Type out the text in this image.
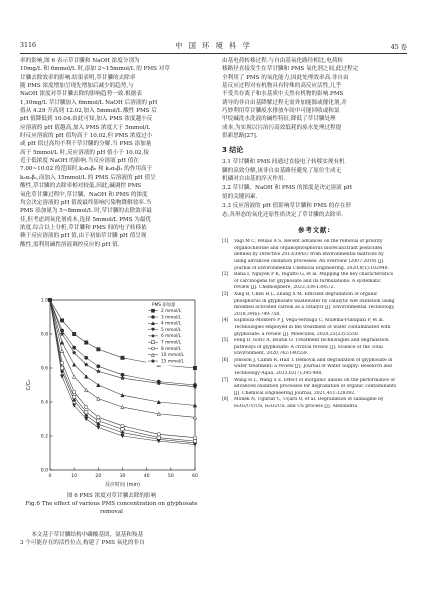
3116	中 国 环 境 科 学	45 卷
率的影响,图 6 表示草甘膦和 NaOH 浓度分别为
10mg/L 和 6mmol/L 时,添加 2~15mmol/L 的 PMS 对草
甘膦去除效率的影响.结果表明,草甘膦的去除率
随 PMS 浓度增加呈现先增加后减少的趋势,与
NaOH 浓度对草甘膦去除的影响趋势一致.根据表
1,10mg/L 草甘膦加入 6mmol/L NaOH 后溶液的 pH
值从 4.29 升高到 12.02,加入 5mmol/L 酸性 PMS 后
pH 值降低到 10.04.由此可知,加入 PMS 浓度越小反
应溶液的 pH 值越高,加入 PMS 浓度大于 5mmol/L
时反应溶液的 pH 值均高于 10.02,但 PMS 浓度过小
或 pH 值过高均不利于草甘膦的分解.当 PMS 添加量
高于 5mmol/L 时,反应溶液的 pH 值小于 10.02,接
近于低浓度 NaOH 的影响.当反应溶液 pH 值在
7.00~10.02 的范围时,k₃α₀β₀ 和 k₃α₀β₁ 的作用高于
k₃α₀β₁,而加入 15mmol/L 的 PMS 后溶液的 pH 值呈
酸性,草甘膦的去除率相对较低.因此,碱调控 PMS
氧化草甘膦过程中,草甘膦、NaOH 和 PMS 的浓度
均会决定溶液的 pH 值故最终影响污染物降解效率.当
PMS 添加量为 5~8mmol/L 时,草甘膦的去除效率最
佳,但考虑到氧化剂成本,选择 5mmol/L PMS 为最优
浓度.综合以上分析,草甘膦和 PMS 间的电子转移依
赖于反应溶液的 pH 值,由于初始草甘膦 pH 值呈现
酸性,需利用碱性溶液调控反应的 pH 值.
0	10	20	30	40	50	60
0.0
0.2
0.4
0.6
0.8
1.0
反应时间 (min)
C/C₀
PMS 添加量
2 mmol/L
3 mmol/L
4 mmol/L
5 mmol/L
6 mmol/L
7 mmol/L
8 mmol/L
10 mmol/L
15 mmol/L
图 6 PMS 浓度对草甘膦去除的影响
Fig.6 The effect of various PMS concentration on glyphosate
removal
　　本文基于草甘膦结构中磷酸基团、氨基和羧基
3 个可能存在的活性位点,构建了 PMS 氧化的非自
由基电荷转移过程.与自由基氧化路径相比,电荷转
移路径直接发生在草甘膦和 PMS 氧化剂之间,此过程完
全利用了 PMS 的氧化能力,因此处理效率高.非自由
基反应过程对有机物具有特殊的高反应活性,几乎
不受共存离子和水基质中天然有机物的影响.PMS
诱导的非自由基降解过程无需外加能源或催化剂,并
巧妙利用草甘膦废水排放车间中可能回收或和氯
甲烷碱洗水洗液的碱性特征,降低了草甘膦处理
成本,为实现以污治污高效低耗的废水处理过程提
供新思路[27].
3 结论
3.1 草甘膦和 PMS 间通过直接电子转移实现有机
膦的高效分解,该非自由基路径避免了原位生成无
机磷对自由基的淬灭作用.
3.2 草甘膦、NaOH 和 PMS 的浓度是决定溶液 pH
值的关键因素.
3.3 反应溶液的 pH 值影响草甘膦和 PMS 的存在形
态,各形态的氧化还原性质决定了草甘膦的去除率.
参考文献:
[1]	Vagi M C, Petsas A S. Recent advances on the removal of priority
organochlorine and organophosphorus biorecalcitrant pesticides
defined by Directive 2013/39/EU from environmental matrices by
using advanced oxidation processes: An overview (2007-2018) [J].
Journal of Environmental Chemical Engineering, 2020,8(1):102940.
[2]	Rana I, Nguyen P K, Rigutto G, et al. Mapping the key characteristics
of carcinogens for glyphosate and its formulations: A systematic
review [J]. Chemosphere, 2023,339:139572.
[3]	Xing B, Chen H L, Zhang X M. Efficient degradation of organic
phosphorus in glyphosate wastewater by catalytic wet oxidation using
modified activated carbon as a catalyst [J]. Environmental Technology,
2018,39(6):749-758.
[4]	Espinoza-Montero P J, Vega-Verduga C, Alulema-Pullupaxi P, et al.
Technologies employed in the treatment of water contaminated with
glyphosate: a review [J]. Molecules, 2020,25(23):5550.
[5]	Feng D, Soric A, Boutin O. Treatment technologies and degradation
pathways of glyphosate: A critical review [J]. Science of the Total
Environment, 2020,742:140559.
[6]	Jönsson J, Camm R, Hall T. Removal and degradation of glyphosate in
water treatment: a review [J]. Journal of Water Supply: Research and
Technology-Aqua, 2013,62(7):395-408.
[7]	Wang H L, Wang S Z. Effect of inorganic anions on the performance of
advanced oxidation processes for degradation of organic contaminants
[J]. Chemical Engineering Journal, 2021,411:128392.
[8]	Monek N, Uğurlar C, Uçarlı O, et al. Degradation of salinagine by
H₂O₂/UV/US, H₂O₂/US, and US process [J]. Alexandria
